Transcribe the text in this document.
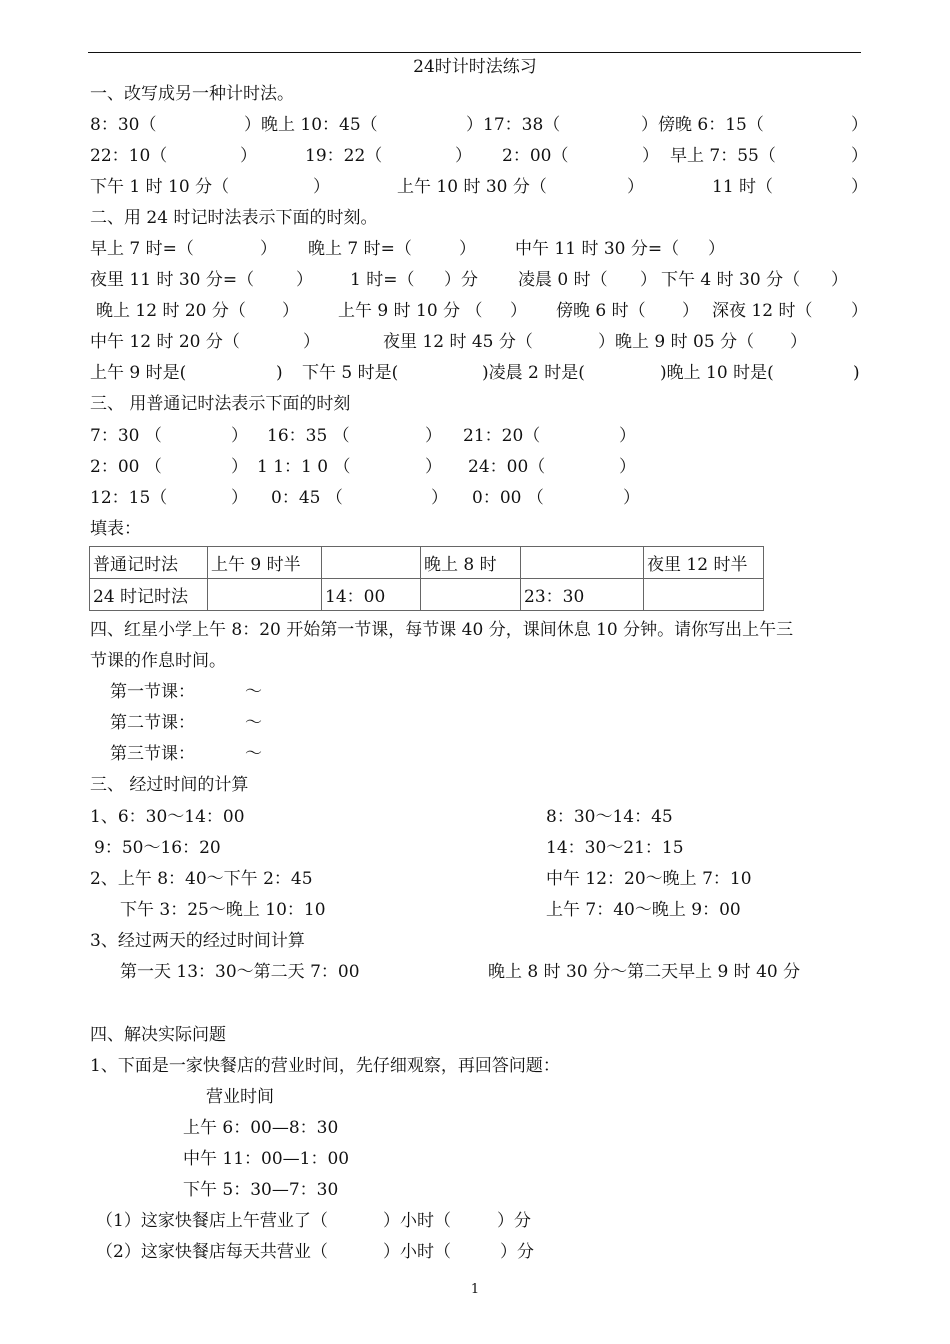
24时计时法练习
一、改写成另一种计时法。
8：30（	）晚上 10：45（	）17：38（	）傍晚 6：15（	）
22：10（	）	19：22（	） 2：00（	） 早上 7：55（	）
下午 1 时 10 分（	）	上午 10 时 30 分（	）	11 时（	）
二、用 24 时记时法表示下面的时刻。
早上 7 时=（	） 晚上 7 时=（	） 中午 11 时 30 分=（ ）
夜里 11 时 30 分=（ ） 1 时=（ ）分 凌晨 0 时（ ） 下午 4 时 30 分（ ）
晚上 12 时 20 分（ ） 上午 9 时 10 分 （ ） 傍晚 6 时（ ） 深夜 12 时（ ）
中午 12 时 20 分（	）	夜里 12 时 45 分（	）晚上 9 时 05 分（ ）
上午 9 时是(	) 下午 5 时是(	)凌晨 2 时是(	)晚上 10 时是(	)
三、 用普通记时法表示下面的时刻
7：30 （	） 16：35 （	） 21：20（	）
2：00 （	） 1 1：1 0 （	） 24：00（	）
12：15（	） 0：45 （	） 0：00 （	）
填表：
普通记时法	上午 9 时半		晚上 8 时		夜里 12 时半
24 时记时法		14：00		23：30	
四、红星小学上午 8：20 开始第一节课，每节课 40 分，课间休息 10 分钟。请你写出上午三
节课的作息时间。
第一节课：	～
第二节课：	～
第三节课：	～
三、 经过时间的计算
1、6：30～14：00	8：30～14：45
9：50～16：20	14：30～21：15
2、上午 8：40～下午 2：45	中午 12：20～晚上 7：10
下午 3：25～晚上 10：10	上午 7：40～晚上 9：00
3、经过两天的经过时间计算
第一天 13：30～第二天 7：00	晚上 8 时 30 分～第二天早上 9 时 40 分
四、解决实际问题
1、下面是一家快餐店的营业时间，先仔细观察，再回答问题：
营业时间
上午 6：00—8：30
中午 11：00—1：00
下午 5：30—7：30
（1）这家快餐店上午营业了（	）小时（	）分
（2）这家快餐店每天共营业（	）小时（	）分
1
